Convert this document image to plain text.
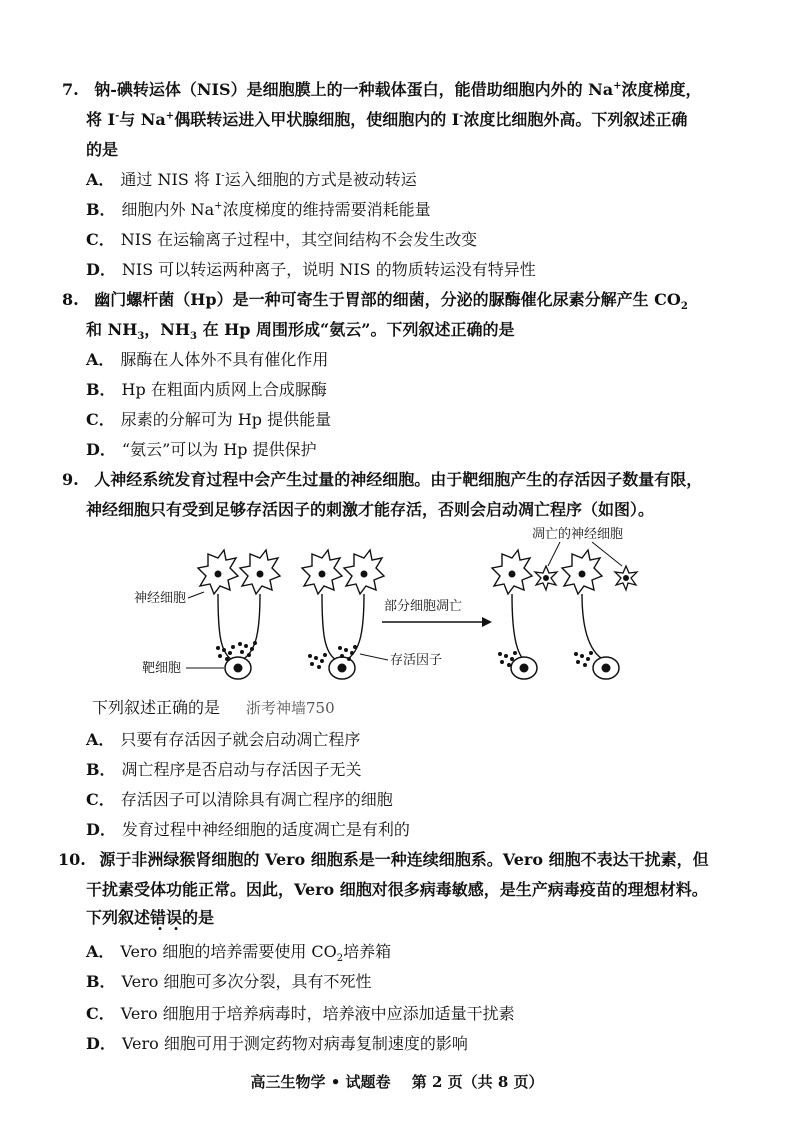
7. 钠-碘转运体（NIS）是细胞膜上的一种载体蛋白，能借助细胞内外的 Na+浓度梯度，
将 I-与 Na+偶联转运进入甲状腺细胞，使细胞内的 I-浓度比细胞外高。下列叙述正确
的是
A． 通过 NIS 将 I-运入细胞的方式是被动转运
B． 细胞内外 Na+浓度梯度的维持需要消耗能量
C． NIS 在运输离子过程中，其空间结构不会发生改变
D． NIS 可以转运两种离子，说明 NIS 的物质转运没有特异性
8. 幽门螺杆菌（Hp）是一种可寄生于胃部的细菌，分泌的脲酶催化尿素分解产生 $CO_2$
和 $NH_3$，$NH_3$ 在 Hp 周围形成“氨云”。下列叙述正确的是
A． 脲酶在人体外不具有催化作用
B． Hp 在粗面内质网上合成脲酶
C． 尿素的分解可为 Hp 提供能量
D． “氨云”可以为 Hp 提供保护
9. 人神经系统发育过程中会产生过量的神经细胞。由于靶细胞产生的存活因子数量有限，
神经细胞只有受到足够存活因子的刺激才能存活，否则会启动凋亡程序（如图）。
神经细胞
靶细胞
部分细胞凋亡
存活因子
凋亡的神经细胞
下列叙述正确的是 浙考神墙750
A． 只要有存活因子就会启动凋亡程序
B． 凋亡程序是否启动与存活因子无关
C． 存活因子可以清除具有凋亡程序的细胞
D． 发育过程中神经细胞的适度凋亡是有利的
10. 源于非洲绿猴肾细胞的 Vero 细胞系是一种连续细胞系。Vero 细胞不表达干扰素，但
干扰素受体功能正常。因此，Vero 细胞对很多病毒敏感，是生产病毒疫苗的理想材料。
下列叙述错误的是
A． Vero 细胞的培养需要使用 $CO_2$培养箱
B． Vero 细胞可多次分裂，具有不死性
C． Vero 细胞用于培养病毒时，培养液中应添加适量干扰素
D． Vero 细胞可用于测定药物对病毒复制速度的影响
高三生物学 • 试题卷 第 2 页（共 8 页）
